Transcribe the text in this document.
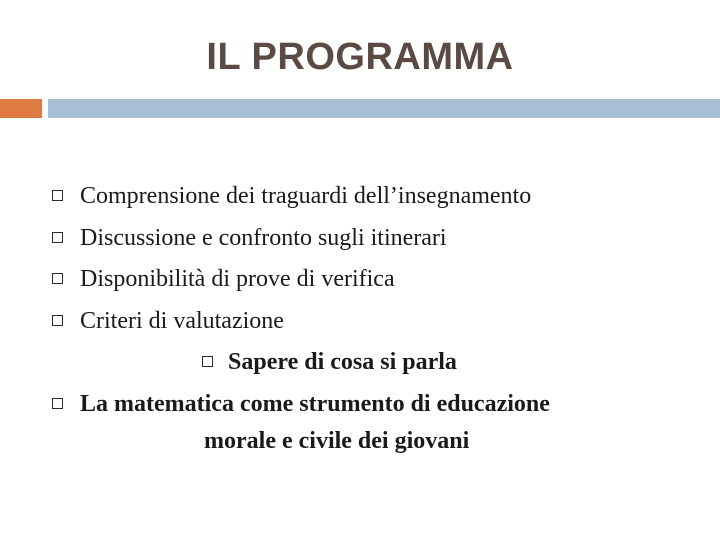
IL PROGRAMMA
Comprensione dei traguardi dell’insegnamento
Discussione e confronto sugli itinerari
Disponibilità di prove di verifica
Criteri di valutazione
Sapere di cosa si parla
La matematica come strumento di educazione
morale e civile dei giovani
